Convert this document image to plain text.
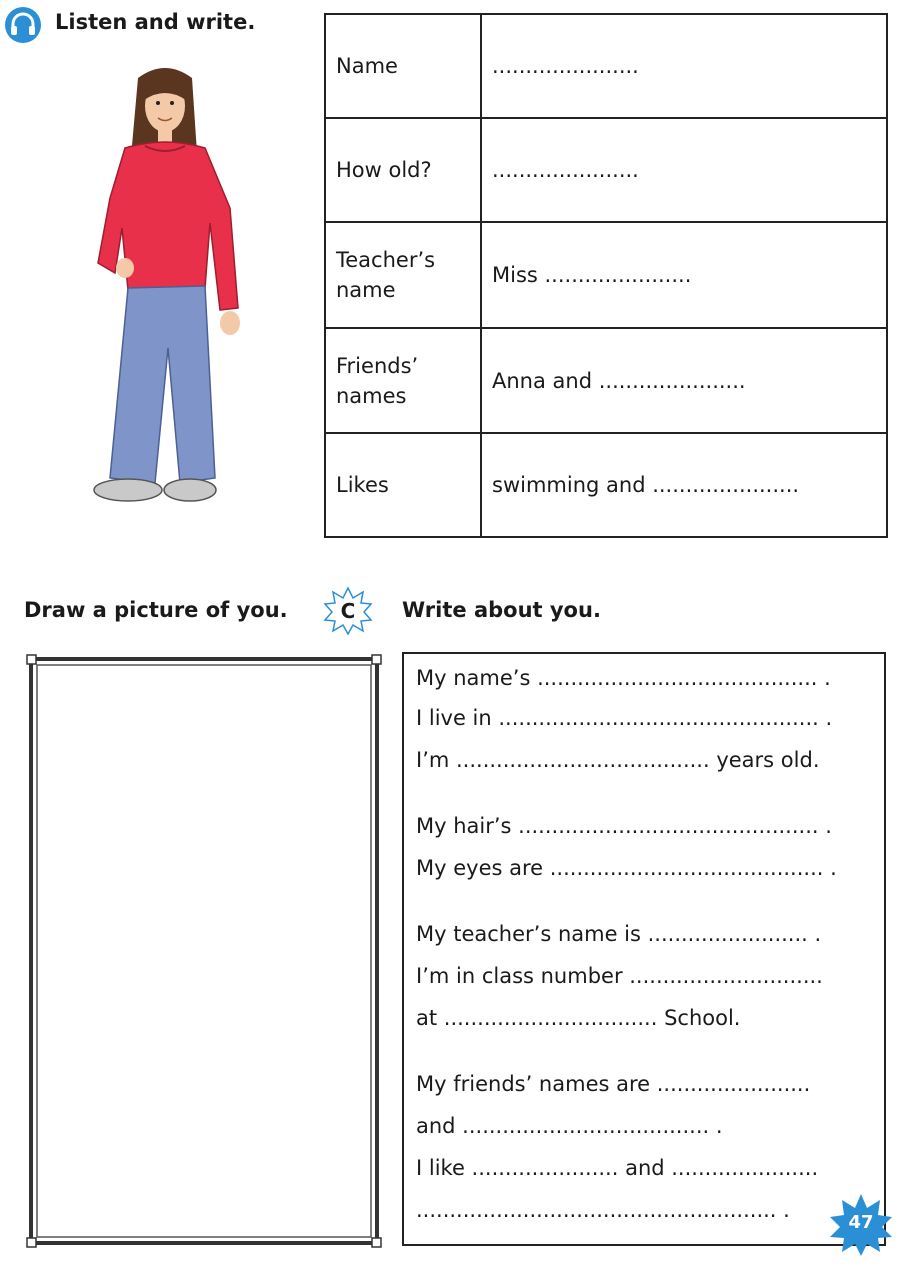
Listen and write.
Name	......................
How old?	......................
Teacher’s name	Miss ......................
Friends’ names	Anna and ......................
Likes	swimming and ......................
Draw a picture of you.	C Write about you.
My name’s .......................................... .
I live in ................................................ .
I’m ...................................... years old.
My hair’s ............................................. .
My eyes are ......................................... .
My teacher’s name is ........................ .
I’m in class number .............................
at ................................ School.
My friends’ names are .......................
and ..................................... .
I like ...................... and ......................
...................................................... .
47
